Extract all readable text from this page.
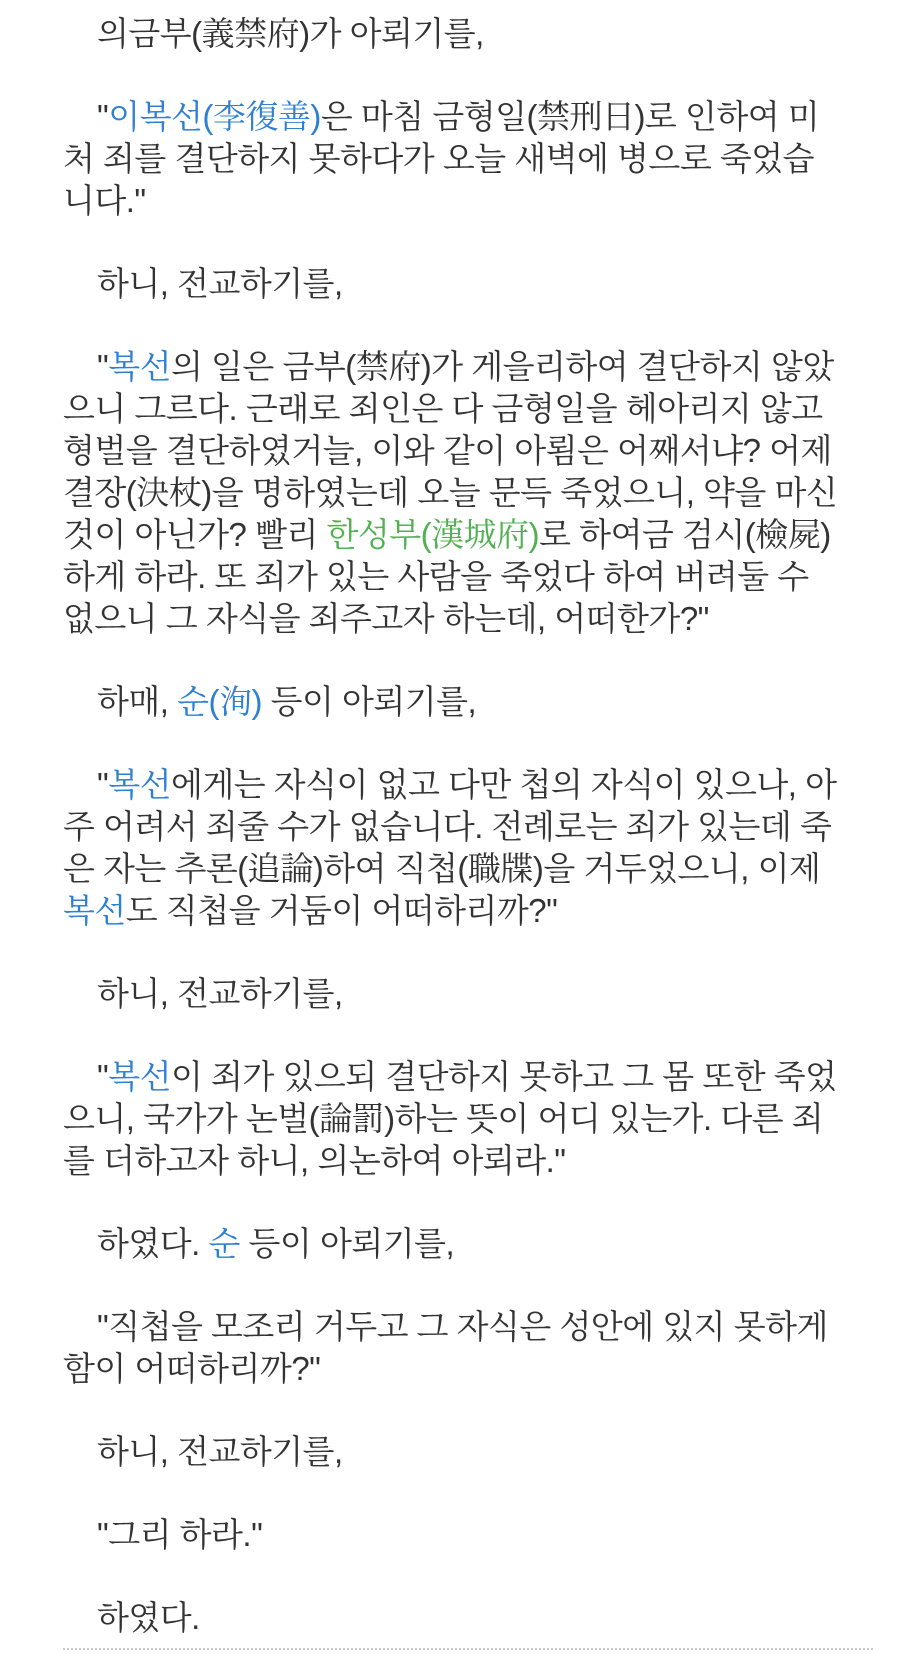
의금부(義禁府)가 아뢰기를,

"이복선(李復善)은 마침 금형일(禁刑日)로 인하여 미처 죄를 결단하지 못하다가 오늘 새벽에 병으로 죽었습니다."

하니, 전교하기를,

"복선의 일은 금부(禁府)가 게을리하여 결단하지 않았으니 그르다. 근래로 죄인은 다 금형일을 헤아리지 않고 형벌을 결단하였거늘, 이와 같이 아룀은 어째서냐? 어제 결장(決杖)을 명하였는데 오늘 문득 죽었으니, 약을 마신 것이 아닌가? 빨리 한성부(漢城府)로 하여금 검시(檢屍)하게 하라. 또 죄가 있는 사람을 죽었다 하여 버려둘 수 없으니 그 자식을 죄주고자 하는데, 어떠한가?"

하매, 순(洵) 등이 아뢰기를,

"복선에게는 자식이 없고 다만 첩의 자식이 있으나, 아주 어려서 죄줄 수가 없습니다. 전례로는 죄가 있는데 죽은 자는 추론(追論)하여 직첩(職牒)을 거두었으니, 이제 복선도 직첩을 거둠이 어떠하리까?"

하니, 전교하기를,

"복선이 죄가 있으되 결단하지 못하고 그 몸 또한 죽었으니, 국가가 논벌(論罰)하는 뜻이 어디 있는가. 다른 죄를 더하고자 하니, 의논하여 아뢰라."

하였다. 순 등이 아뢰기를,

"직첩을 모조리 거두고 그 자식은 성안에 있지 못하게 함이 어떠하리까?"

하니, 전교하기를,

"그리 하라."

하였다.
